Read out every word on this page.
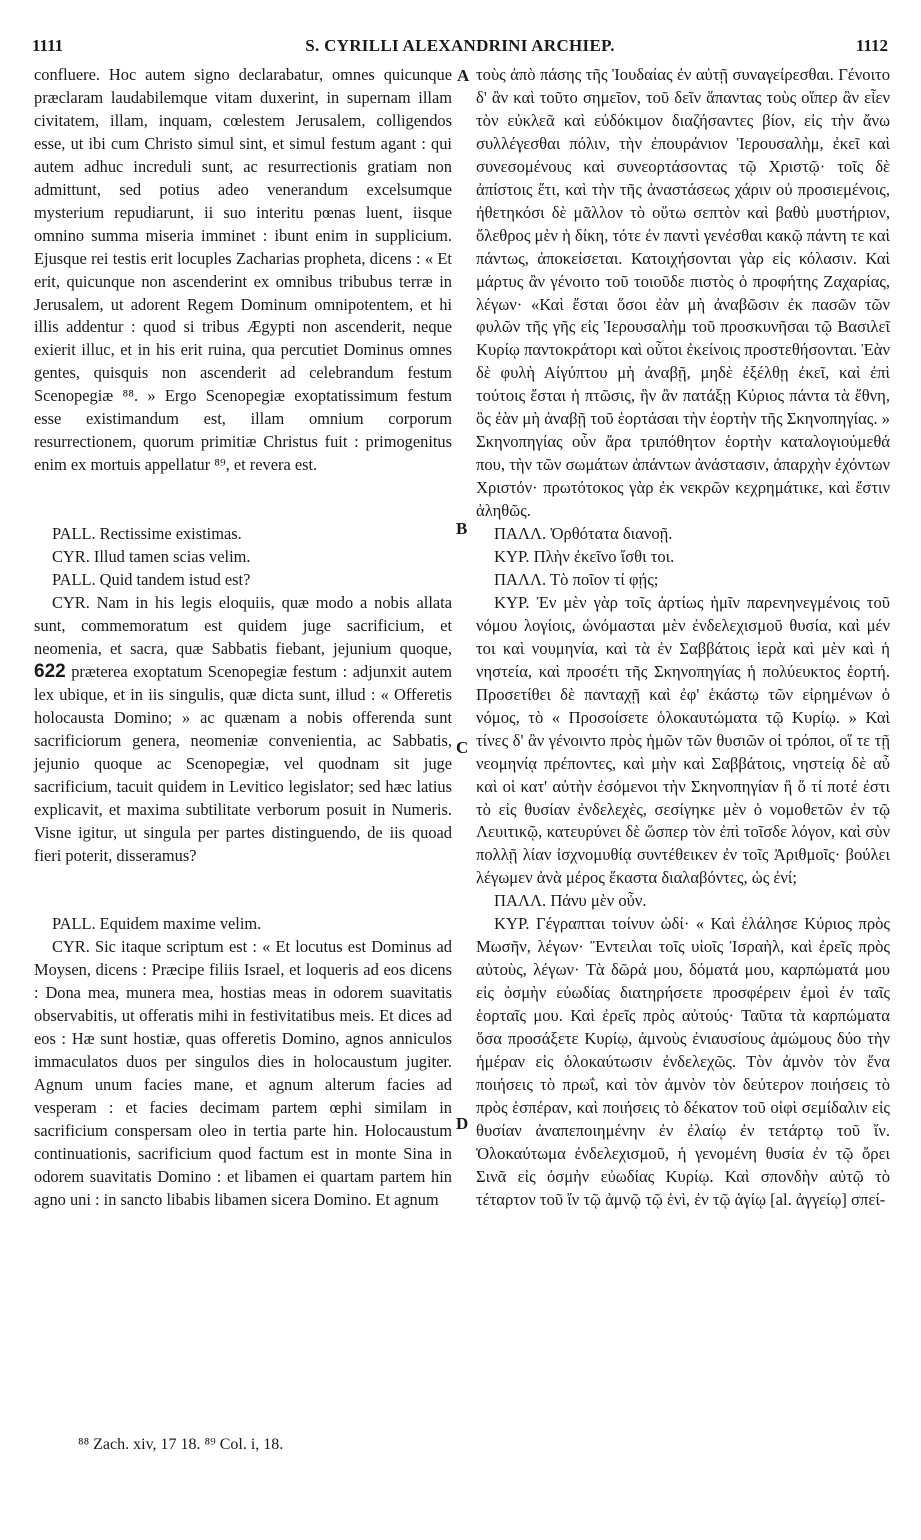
1111	S. CYRILLI ALEXANDRINI ARCHIEP.	1112
A
B
C
D

confluere. Hoc autem signo declarabatur, omnes quicunque præclaram laudabilemque vitam duxerint, in supernam illam civitatem, illam, inquam, cœlestem Jerusalem, colligendos esse, ut ibi cum Christo simul sint, et simul festum agant : qui autem adhuc increduli sunt, ac resurrectionis gratiam non admittunt, sed potius adeo venerandum excelsumque mysterium repudiarunt, ii suo interitu pœnas luent, iisque omnino summa miseria imminet : ibunt enim in supplicium. Ejusque rei testis erit locuples Zacharias propheta, dicens : « Et erit, quicunque non ascenderint ex omnibus tribubus terræ in Jerusalem, ut adorent Regem Dominum omnipotentem, et hi illis addentur : quod si tribus Ægypti non ascenderit, neque exierit illuc, et in his erit ruina, qua percutiet Dominus omnes gentes, quisquis non ascenderit ad celebrandum festum Scenopegiæ ⁸⁸. » Ergo Scenopegiæ exoptatissimum festum esse existimandum est, illam omnium corporum resurrectionem, quorum primitiæ Christus fuit : primogenitus enim ex mortuis appellatur ⁸⁹, et revera est.

PALL. Rectissime existimas.

CYR. Illud tamen scias velim.

PALL. Quid tandem istud est?

CYR. Nam in his legis eloquiis, quæ modo a nobis allata sunt, commemoratum est quidem juge sacrificium, et neomenia, et sacra, quæ Sabbatis fiebant, jejunium quoque, 622 præterea exoptatum Scenopegiæ festum : adjunxit autem lex ubique, et in iis singulis, quæ dicta sunt, illud : « Offeretis holocausta Domino; » ac quænam a nobis offerenda sunt sacrificiorum genera, neomeniæ convenientia, ac Sabbatis, jejunio quoque ac Scenopegiæ, vel quodnam sit juge sacrificium, tacuit quidem in Levitico legislator; sed hæc latius explicavit, et maxima subtilitate verborum posuit in Numeris. Visne igitur, ut singula per partes distinguendo, de iis quoad fieri poterit, disseramus?

PALL. Equidem maxime velim.

CYR. Sic itaque scriptum est : « Et locutus est Dominus ad Moysen, dicens : Præcipe filiis Israel, et loqueris ad eos dicens : Dona mea, munera mea, hostias meas in odorem suavitatis observabitis, ut offeratis mihi in festivitatibus meis. Et dices ad eos : Hæ sunt hostiæ, quas offeretis Domino, agnos anniculos immaculatos duos per singulos dies in holocaustum jugiter. Agnum unum facies mane, et agnum alterum facies ad vesperam : et facies decimam partem œphi similam in sacrificium conspersam oleo in tertia parte hin. Holocaustum continuationis, sacrificium quod factum est in monte Sina in odorem suavitatis Domino : et libamen ei quartam partem hin agno uni : in sancto libabis libamen sicera Domino. Et agnum

τοὺς ἀπὸ πάσης τῆς Ἰουδαίας ἐν αὐτῇ συναγείρεσθαι. Γένοιτο δ' ἂν καὶ τοῦτο σημεῖον, τοῦ δεῖν ἅπαντας τοὺς οἵπερ ἂν εἶεν τὸν εὐκλεᾶ καὶ εὐδόκιμον διαζήσαντες βίον, εἰς τὴν ἄνω συλλέγεσθαι πόλιν, τὴν ἐπουράνιον Ἱερουσαλὴμ, ἐκεῖ καὶ συνεσομένους καὶ συνεορτάσοντας τῷ Χριστῷ· τοῖς δὲ ἀπίστοις ἔτι, καὶ τὴν τῆς ἀναστάσεως χάριν οὐ προσιεμένοις, ἠθετηκόσι δὲ μᾶλλον τὸ οὕτω σεπτὸν καὶ βαθὺ μυστήριον, ὄλεθρος μὲν ἡ δίκη, τότε ἐν παντὶ γενέσθαι κακῷ πάντη τε καὶ πάντως, ἀποκείσεται. Κατοιχήσονται γὰρ εἰς κόλασιν. Καὶ μάρτυς ἂν γένοιτο τοῦ τοιοῦδε πιστὸς ὁ προφήτης Ζαχαρίας, λέγων· «Καὶ ἔσται ὅσοι ἐὰν μὴ ἀναβῶσιν ἐκ πασῶν τῶν φυλῶν τῆς γῆς εἰς Ἱερουσαλὴμ τοῦ προσκυνῆσαι τῷ Βασιλεῖ Κυρίῳ παντοκράτορι καὶ οὗτοι ἐκείνοις προστεθήσονται. Ἐὰν δὲ φυλὴ Αἰγύπτου μὴ ἀναβῇ, μηδὲ ἐξέλθῃ ἐκεῖ, καὶ ἐπὶ τούτοις ἔσται ἡ πτῶσις, ἣν ἂν πατάξῃ Κύριος πάντα τὰ ἔθνη, ὃς ἐὰν μὴ ἀναβῇ τοῦ ἑορτάσαι τὴν ἑορτὴν τῆς Σκηνοπηγίας. » Σκηνοπηγίας οὖν ἄρα τριπόθητον ἑορτὴν καταλογιούμεθά που, τὴν τῶν σωμάτων ἁπάντων ἀνάστασιν, ἀπαρχὴν ἐχόντων Χριστόν· πρωτότοκος γὰρ ἐκ νεκρῶν κεχρημάτικε, καὶ ἔστιν ἀληθῶς.

ΠΑΛΛ. Ὀρθότατα διανοῇ.

ΚΥΡ. Πλὴν ἐκεῖνο ἴσθι τοι.

ΠΑΛΛ. Τὸ ποῖον τί φῄς;

ΚΥΡ. Ἐν μὲν γὰρ τοῖς ἀρτίως ἡμῖν παρενηνεγμένοις τοῦ νόμου λογίοις, ὠνόμασται μὲν ἐνδελεχισμοῦ θυσία, καὶ μέν τοι καὶ νουμηνία, καὶ τὰ ἐν Σαββάτοις ἱερὰ καὶ μὲν καὶ ἡ νηστεία, καὶ προσέτι τῆς Σκηνοπηγίας ἡ πολύευκτος ἑορτή. Προσετίθει δὲ πανταχῇ καὶ ἐφ' ἑκάστῳ τῶν εἰρημένων ὁ νόμος, τὸ « Προσοίσετε ὁλοκαυτώματα τῷ Κυρίῳ. » Καὶ τίνες δ' ἂν γένοιντο πρὸς ἡμῶν τῶν θυσιῶν οἱ τρόποι, οἵ τε τῇ νεομηνίᾳ πρέποντες, καὶ μὴν καὶ Σαββάτοις, νηστείᾳ δὲ αὖ καὶ οἱ κατ' αὐτὴν ἐσόμενοι τὴν Σκηνοπηγίαν ἢ ὅ τί ποτέ ἐστι τὸ εἰς θυσίαν ἐνδελεχὲς, σεσίγηκε μὲν ὁ νομοθετῶν ἐν τῷ Λευιτικῷ, κατευρύνει δὲ ὥσπερ τὸν ἐπὶ τοῖσδε λόγον, καὶ σὺν πολλῇ λίαν ἰσχνομυθίᾳ συντέθεικεν ἐν τοῖς Ἀριθμοῖς· βούλει λέγωμεν ἀνὰ μέρος ἕκαστα διαλαβόντες, ὡς ἐνί;

ΠΑΛΛ. Πάνυ μὲν οὖν.

ΚΥΡ. Γέγραπται τοίνυν ὡδί· « Καὶ ἐλάλησε Κύριος πρὸς Μωσῆν, λέγων· Ἔντειλαι τοῖς υἱοῖς Ἰσραὴλ, καὶ ἐρεῖς πρὸς αὐτοὺς, λέγων· Τὰ δῶρά μου, δόματά μου, καρπώματά μου εἰς ὀσμὴν εὐωδίας διατηρήσετε προσφέρειν ἐμοὶ ἐν ταῖς ἑορταῖς μου. Καὶ ἐρεῖς πρὸς αὐτούς· Ταῦτα τὰ καρπώματα ὅσα προσάξετε Κυρίῳ, ἀμνοὺς ἐνιαυσίους ἀμώμους δύο τὴν ἡμέραν εἰς ὁλοκαύτωσιν ἐνδελεχῶς. Τὸν ἀμνὸν τὸν ἕνα ποιήσεις τὸ πρωΐ, καὶ τὸν ἀμνὸν τὸν δεύτερον ποιήσεις τὸ πρὸς ἑσπέραν, καὶ ποιήσεις τὸ δέκατον τοῦ οἰφὶ σεμίδαλιν εἰς θυσίαν ἀναπεποιημένην ἐν ἐλαίῳ ἐν τετάρτῳ τοῦ ἴν. Ὁλοκαύτωμα ἐνδελεχισμοῦ, ἡ γενομένη θυσία ἐν τῷ ὄρει Σινᾶ εἰς ὀσμὴν εὐωδίας Κυρίῳ. Καὶ σπονδὴν αὐτῷ τὸ τέταρτον τοῦ ἴν τῷ ἀμνῷ τῷ ἑνὶ, ἐν τῷ ἁγίῳ [al. ἀγγείῳ] σπεί-

⁸⁸ Zach. xiv, 17 18. ⁸⁹ Col. i, 18.
